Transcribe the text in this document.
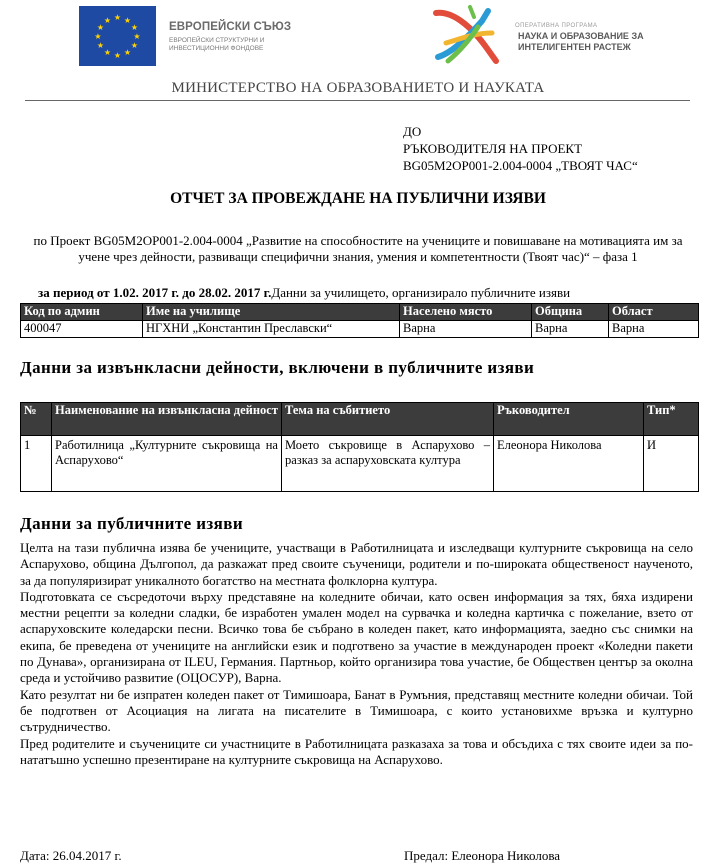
★ ★
★
★
★
★
★
★
★
★
★
★
ЕВРОПЕЙСКИ СЪЮЗ
ЕВРОПЕЙСКИ СТРУКТУРНИ И
ИНВЕСТИЦИОННИ ФОНДОВЕ
ОПЕРАТИВНА ПРОГРАМА
НАУКА И ОБРАЗОВАНИЕ ЗА
ИНТЕЛИГЕНТЕН РАСТЕЖ
МИНИСТЕРСТВО НА ОБРАЗОВАНИЕТО И НАУКАТА
ДО
РЪКОВОДИТЕЛЯ НА ПРОЕКТ
BG05M2OP001-2.004-0004 „ТВОЯТ ЧАС“
ОТЧЕТ ЗА ПРОВЕЖДАНЕ НА ПУБЛИЧНИ ИЗЯВИ
по Проект BG05M2OP001-2.004-0004 „Развитие на способностите на учениците и повишаване на мотивацията им за учене чрез дейности, развиващи специфични знания, умения и компетентности (Твоят час)“ – фаза 1
за период от 1.02. 2017 г. до 28.02. 2017 г.Данни за училището, организирало публичните изяви
Код по админ	Име на училище	Населено място	Община	Област
400047	НГХНИ „Константин Преславски“	Варна	Варна	Варна
Данни за извънкласни дейности, включени в публичните изяви
№	Наименование на извънкласна дейност	Тема на събитието	Ръководител	Тип*
1	Работилница „Културните съкровища на Аспарухово“	Моето съкровище в Аспарухово – разказ за аспаруховската култура	Елеонора Николова	И
Данни за публичните изяви

Целта на тази публична изява бе учениците, участващи в Работилницата и изследващи културните съкровища на село Аспарухово, община Дългопол, да разкажат пред своите съученици, родители и по-широката общественост наученото, за да популяризират уникалното богатство на местната фолклорна култура.

Подготовката се съсредоточи върху представяне на коледните обичаи, като освен информация за тях, бяха издирени местни рецепти за коледни сладки, бе изработен умален модел на сурвачка и коледна картичка с пожелание, взето от аспаруховските коледарски песни. Всичко това бе събрано в коледен пакет, като информацията, заедно със снимки на екипа, бе преведена от учениците на английски език и подготвено за участие в международен проект «Коледни пакети по Дунава», организирана от ILEU, Германия. Партньор, който организира това участие, бе Обществен център за околна среда и устойчиво развитие (ОЦОСУР), Варна.

Като резултат ни бе изпратен коледен пакет от Тимишоара, Банат в Румъния, представящ местните коледни обичаи. Той бе подготвен от Асоциация на лигата на писателите в Тимишоара, с които установихме връзка и културно сътрудничество.

Пред родителите и съучениците си участниците в Работилницата разказаха за това и обсъдиха с тях своите идеи за по-нататъшно успешно презентиране на културните съкровища на Аспарухово.

Дата: 26.04.2017 г.	Предал: Елеонора Николова
